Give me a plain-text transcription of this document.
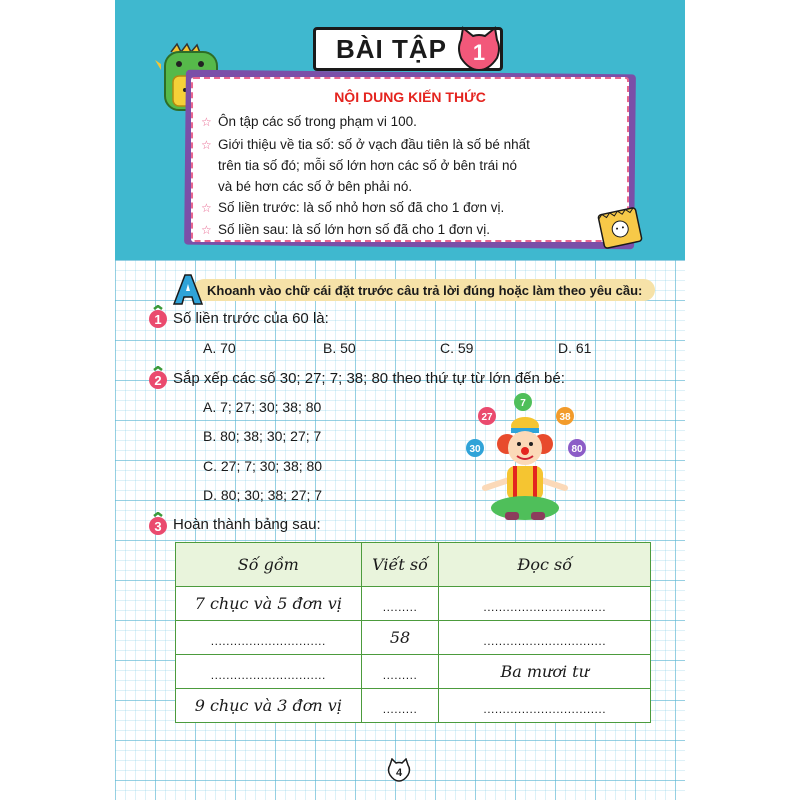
BÀI TẬP 1
NỘI DUNG KIẾN THỨC
☆ Ôn tập các số trong phạm vi 100.
☆ Giới thiệu về tia số: số ở vạch đầu tiên là số bé nhất
trên tia số đó; mỗi số lớn hơn các số ở bên trái nó
và bé hơn các số ở bên phải nó.
☆ Số liền trước: là số nhỏ hơn số đã cho 1 đơn vị.
☆ Số liền sau: là số lớn hơn số đã cho 1 đơn vị.
Khoanh vào chữ cái đặt trước câu trả lời đúng hoặc làm theo yêu cầu:
1 Số liền trước của 60 là:
A. 70	B. 50	C. 59	D. 61
2 Sắp xếp các số 30; 27; 7; 38; 80 theo thứ tự từ lớn đến bé:
A. 7; 27; 30; 38; 80
B. 80; 38; 30; 27; 7
C. 27; 7; 30; 38; 80
D. 80; 30; 38; 27; 7
7
27	38
30	80
3 Hoàn thành bảng sau:
Số gồm	Viết số	Đọc số
7 chục và 5 đơn vị	.........	................................
..............................	58	................................
..............................	.........	Ba mươi tư
9 chục và 3 đơn vị	.........	................................
4
